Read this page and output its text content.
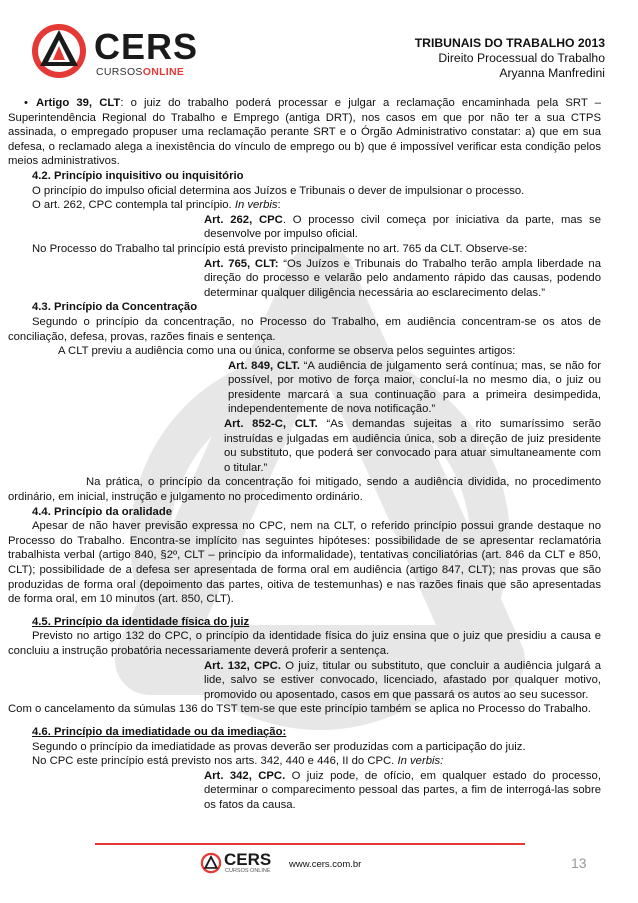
CERS
CURSOSONLINE
TRIBUNAIS DO TRABALHO 2013
Direito Processual do Trabalho
Aryanna Manfredini

• Artigo 39, CLT: o juiz do trabalho poderá processar e julgar a reclamação encaminhada pela SRT – Superintendência Regional do Trabalho e Emprego (antiga DRT), nos casos em que por não ter a sua CTPS assinada, o empregado propuser uma reclamação perante SRT e o Órgão Administrativo constatar: a) que em sua defesa, o reclamado alega a inexistência do vínculo de emprego ou b) que é impossível verificar esta condição pelos meios administrativos.

4.2. Princípio inquisitivo ou inquisitório

O princípio do impulso oficial determina aos Juízos e Tribunais o dever de impulsionar o processo.

O art. 262, CPC contempla tal princípio. In verbis:

Art. 262, CPC. O processo civil começa por iniciativa da parte, mas se desenvolve por impulso oficial.

No Processo do Trabalho tal princípio está previsto principalmente no art. 765 da CLT. Observe-se:

Art. 765, CLT: “Os Juízos e Tribunais do Trabalho terão ampla liberdade na direção do processo e velarão pelo andamento rápido das causas, podendo determinar qualquer diligência necessária ao esclarecimento delas.”

4.3. Princípio da Concentração

Segundo o princípio da concentração, no Processo do Trabalho, em audiência concentram-se os atos de conciliação, defesa, provas, razões finais e sentença.

A CLT previu a audiência como una ou única, conforme se observa pelos seguintes artigos:

Art. 849, CLT. “A audiência de julgamento será contínua; mas, se não for possível, por motivo de força maior, concluí-la no mesmo dia, o juiz ou presidente marcará a sua continuação para a primeira desimpedida, independentemente de nova notificação.”

Art. 852-C, CLT. “As demandas sujeitas a rito sumaríssimo serão instruídas e julgadas em audiência única, sob a direção de juiz presidente ou substituto, que poderá ser convocado para atuar simultaneamente com o titular.”

Na prática, o princípio da concentração foi mitigado, sendo a audiência dividida, no procedimento ordinário, em inicial, instrução e julgamento no procedimento ordinário.

4.4. Princípio da oralidade

Apesar de não haver previsão expressa no CPC, nem na CLT, o referido princípio possui grande destaque no Processo do Trabalho. Encontra-se implícito nas seguintes hipóteses: possibilidade de se apresentar reclamatória trabalhista verbal (artigo 840, §2º, CLT – princípio da informalidade), tentativas conciliatórias (art. 846 da CLT e 850, CLT); possibilidade de a defesa ser apresentada de forma oral em audiência (artigo 847, CLT); nas provas que são produzidas de forma oral (depoimento das partes, oitiva de testemunhas) e nas razões finais que são apresentadas de forma oral, em 10 minutos (art. 850, CLT).

4.5. Princípio da identidade física do juiz

Previsto no artigo 132 do CPC, o princípio da identidade física do juiz ensina que o juiz que presidiu a causa e concluiu a instrução probatória necessariamente deverá proferir a sentença.

Art. 132, CPC. O juiz, titular ou substituto, que concluir a audiência julgará a lide, salvo se estiver convocado, licenciado, afastado por qualquer motivo, promovido ou aposentado, casos em que passará os autos ao seu sucessor.

Com o cancelamento da súmulas 136 do TST tem-se que este princípio também se aplica no Processo do Trabalho.

4.6. Princípio da imediatidade ou da imediação:

Segundo o princípio da imediatidade as provas deverão ser produzidas com a participação do juiz.

No CPC este princípio está previsto nos arts. 342, 440 e 446, II do CPC. In verbis:

Art. 342, CPC. O juiz pode, de ofício, em qualquer estado do processo, determinar o comparecimento pessoal das partes, a fim de interrogá-las sobre os fatos da causa.

CERS
CURSOS ONLINE
www.cers.com.br	13
